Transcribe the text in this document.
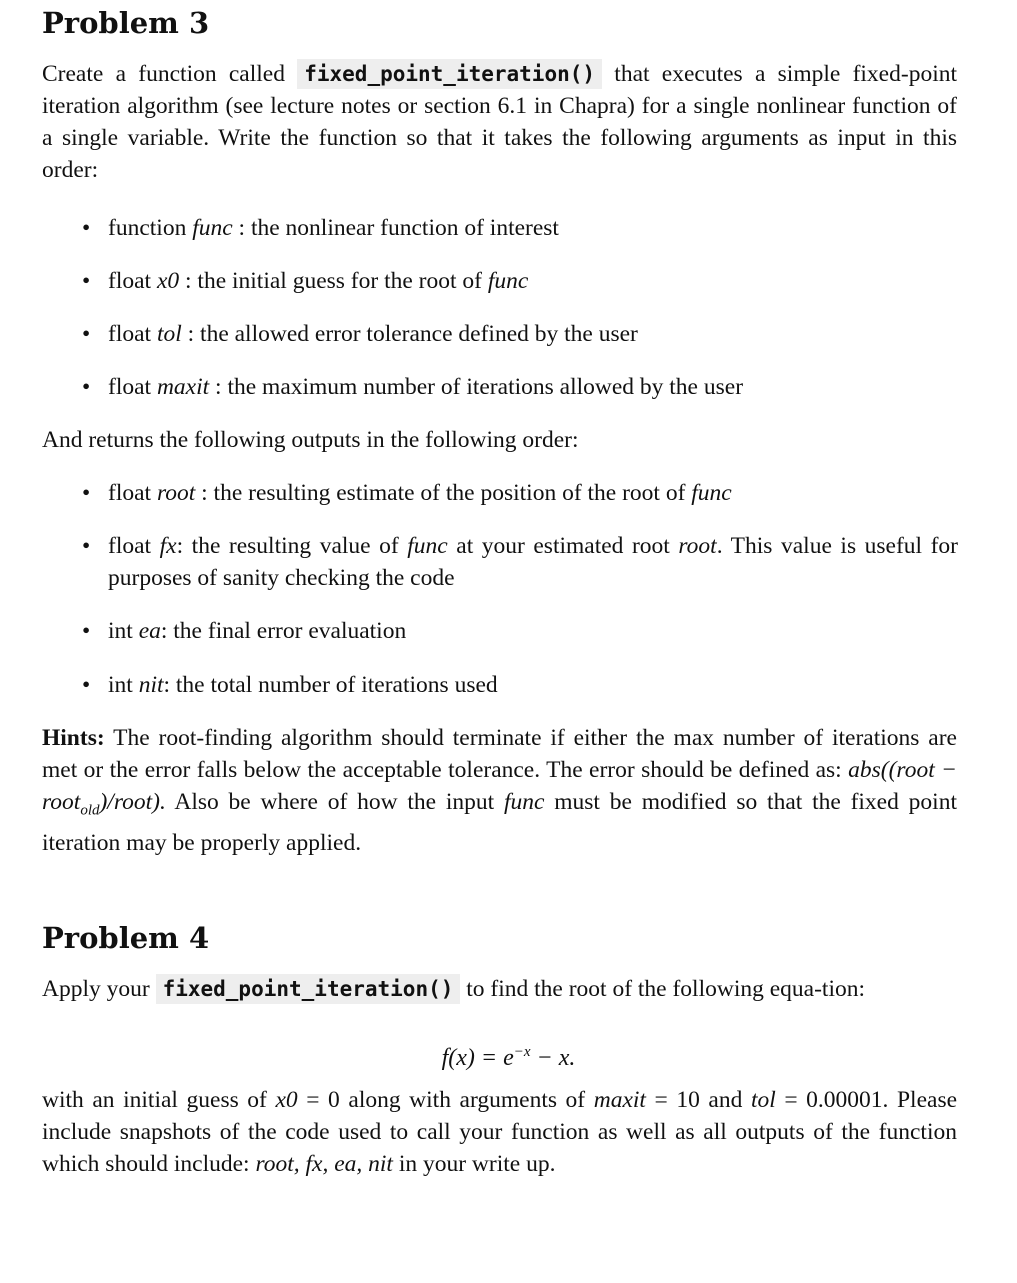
Problem 3

Create a function called fixed_point_iteration() that executes a simple fixed-point iteration algorithm (see lecture notes or section 6.1 in Chapra) for a single nonlinear function of a single variable. Write the function so that it takes the following arguments as input in this order:

• function func : the nonlinear function of interest
• float x0 : the initial guess for the root of func
• float tol : the allowed error tolerance defined by the user
• float maxit : the maximum number of iterations allowed by the user

And returns the following outputs in the following order:

• float root : the resulting estimate of the position of the root of func
• float fx: the resulting value of func at your estimated root root. This value is useful for purposes of sanity checking the code
• int ea: the final error evaluation
• int nit: the total number of iterations used

Hints: The root-finding algorithm should terminate if either the max number of iterations are met or the error falls below the acceptable tolerance. The error should be defined as: abs((root − root$_{old}$)/root). Also be where of how the input func must be modified so that the fixed point iteration may be properly applied.

Problem 4

Apply your fixed_point_iteration() to find the root of the following equa-tion:

$f(x) = e^{-x} - x$.

with an initial guess of x0 = 0 along with arguments of maxit = 10 and tol = 0.00001. Please include snapshots of the code used to call your function as well as all outputs of the function which should include: root, fx, ea, nit in your write up.
